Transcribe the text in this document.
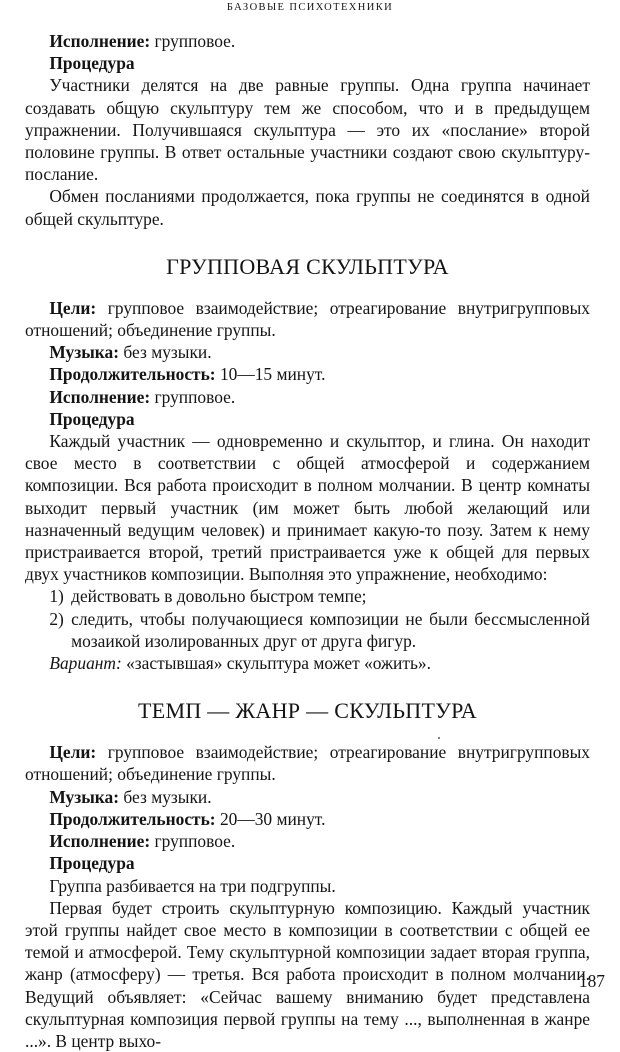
БАЗОВЫЕ ПСИХОТЕХНИКИ

Исполнение: групповое.

Процедура

Участники делятся на две равные группы. Одна группа начинает создавать общую скульптуру тем же способом, что и в предыдущем упражнении. Получившаяся скульптура — это их «послание» второй половине группы. В ответ остальные участники создают свою скульптуру-послание.

Обмен посланиями продолжается, пока группы не соединятся в одной общей скульптуре.

ГРУППОВАЯ СКУЛЬПТУРА

Цели: групповое взаимодействие; отреагирование внутригрупповых отношений; объединение группы.

Музыка: без музыки.

Продолжительность: 10—15 минут.

Исполнение: групповое.

Процедура

Каждый участник — одновременно и скульптор, и глина. Он находит свое место в соответствии с общей атмосферой и содержанием композиции. Вся работа происходит в полном молчании. В центр комнаты выходит первый участник (им может быть любой желающий или назначенный ведущим человек) и принимает какую-то позу. Затем к нему пристраивается второй, третий пристраивается уже к общей для первых двух участников композиции. Выполняя это упражнение, необходимо:

1) действовать в довольно быстром темпе;
2) следить, чтобы получающиеся композиции не были бессмысленной мозаикой изолированных друг от друга фигур.

Вариант: «застывшая» скульптура может «ожить».

ТЕМП — ЖАНР — СКУЛЬПТУРА

Цели: групповое взаимодействие; отреагирование внутригрупповых отношений; объединение группы.

Музыка: без музыки.

Продолжительность: 20—30 минут.

Исполнение: групповое.

Процедура

Группа разбивается на три подгруппы.

Первая будет строить скульптурную композицию. Каждый участник этой группы найдет свое место в композиции в соответствии с общей ее темой и атмосферой. Тему скульптурной композиции задает вторая группа, жанр (атмосферу) — третья. Вся работа происходит в полном молчании. Ведущий объявляет: «Сейчас вашему вниманию будет представлена скульптурная композиция первой группы на тему ..., выполненная в жанре ...». В центр выхо-

187
